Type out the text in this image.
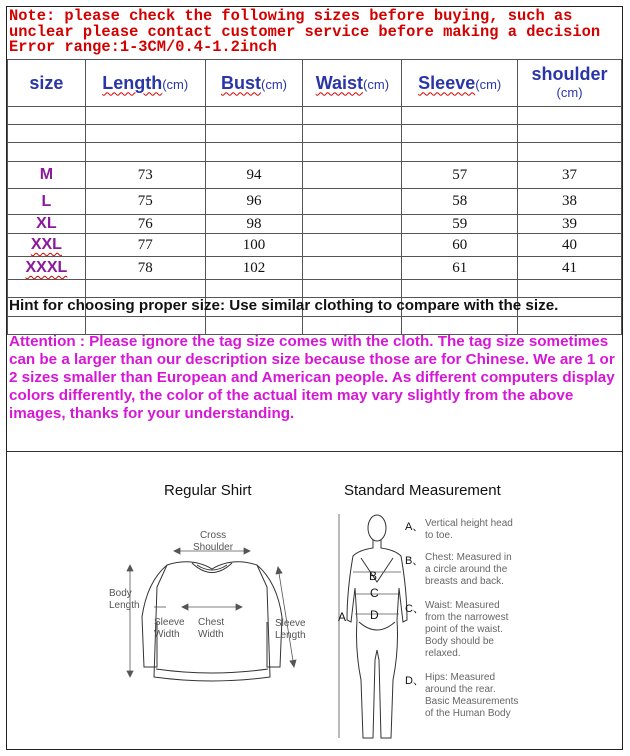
Note: please check the following sizes before buying, such as
unclear please contact customer service before making a decision
Error range:1-3CM/0.4-1.2inch
size	Length(cm)	Bust(cm)	Waist(cm)	Sleeve(cm)	shoulder
(cm)

M	73	94		57	37
L	75	96		58	38
XL	76	98		59	39
XXL	77	100		60	40
XXXL	78	102		61	41

Hint for choosing proper size: Use similar clothing to compare with the size.
Attention : Please ignore the tag size comes with the cloth. The tag size sometimes can be a larger than our description size because those are for Chinese. We are 1 or 2 sizes smaller than European and American people. As different computers display colors differently, the color of the actual item may vary slightly from the above images, thanks for your understanding.
Regular Shirt	Standard Measurement
Cross
Shoulder
Body
Length
Sleeve
Width
Chest
Width
Sleeve
Length
A
B
C
D
A、 Vertical height head
to toe.
B、 Chest: Measured in
a circle around the
breasts and back.
C、 Waist: Measured
from the narrowest
point of the waist.
Body should be
relaxed.
D、 Hips: Measured
around the rear.
Basic Measurements
of the Human Body
